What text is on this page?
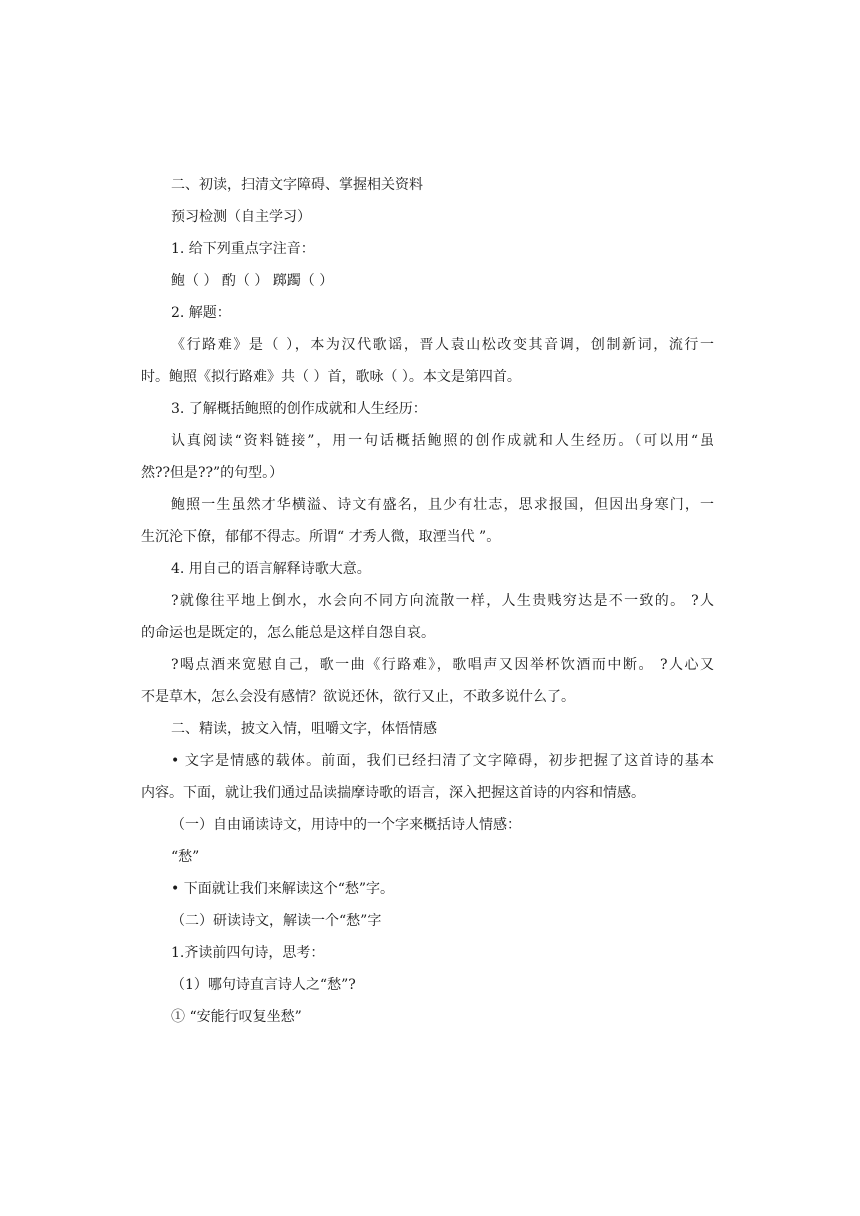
二、初读，扫清文字障碍、掌握相关资料
预习检测（自主学习）
1. 给下列重点字注音：
鲍（ ） 酌（ ） 踯躅（ ）
2. 解题：
《行路难》是（ ），本为汉代歌谣，晋人袁山松改变其音调，创制新词，流行一
时。鲍照《拟行路难》共（ ）首，歌咏（ ）。本文是第四首。
3. 了解概括鲍照的创作成就和人生经历：
认真阅读“资料链接”，用一句话概括鲍照的创作成就和人生经历。（可以用“虽
然??但是??”的句型。）
鲍照一生虽然才华横溢、诗文有盛名，且少有壮志，思求报国，但因出身寒门，一
生沉沦下僚，郁郁不得志。所谓“ 才秀人微，取湮当代 ”。
4. 用自己的语言解释诗歌大意。
?就像往平地上倒水，水会向不同方向流散一样，人生贵贱穷达是不一致的。 ?人
的命运也是既定的，怎么能总是这样自怨自哀。
?喝点酒来宽慰自己，歌一曲《行路难》，歌唱声又因举杯饮酒而中断。 ?人心又
不是草木，怎么会没有感情？欲说还休，欲行又止，不敢多说什么了。
二、精读，披文入情，咀嚼文字，体悟情感
• 文字是情感的载体。前面，我们已经扫清了文字障碍，初步把握了这首诗的基本
内容。下面，就让我们通过品读揣摩诗歌的语言，深入把握这首诗的内容和情感。
（一）自由诵读诗文，用诗中的一个字来概括诗人情感：
“愁”
• 下面就让我们来解读这个“愁”字。
（二）研读诗文，解读一个“愁”字
1.齐读前四句诗，思考：
（1）哪句诗直言诗人之“愁”?
① “安能行叹复坐愁”
